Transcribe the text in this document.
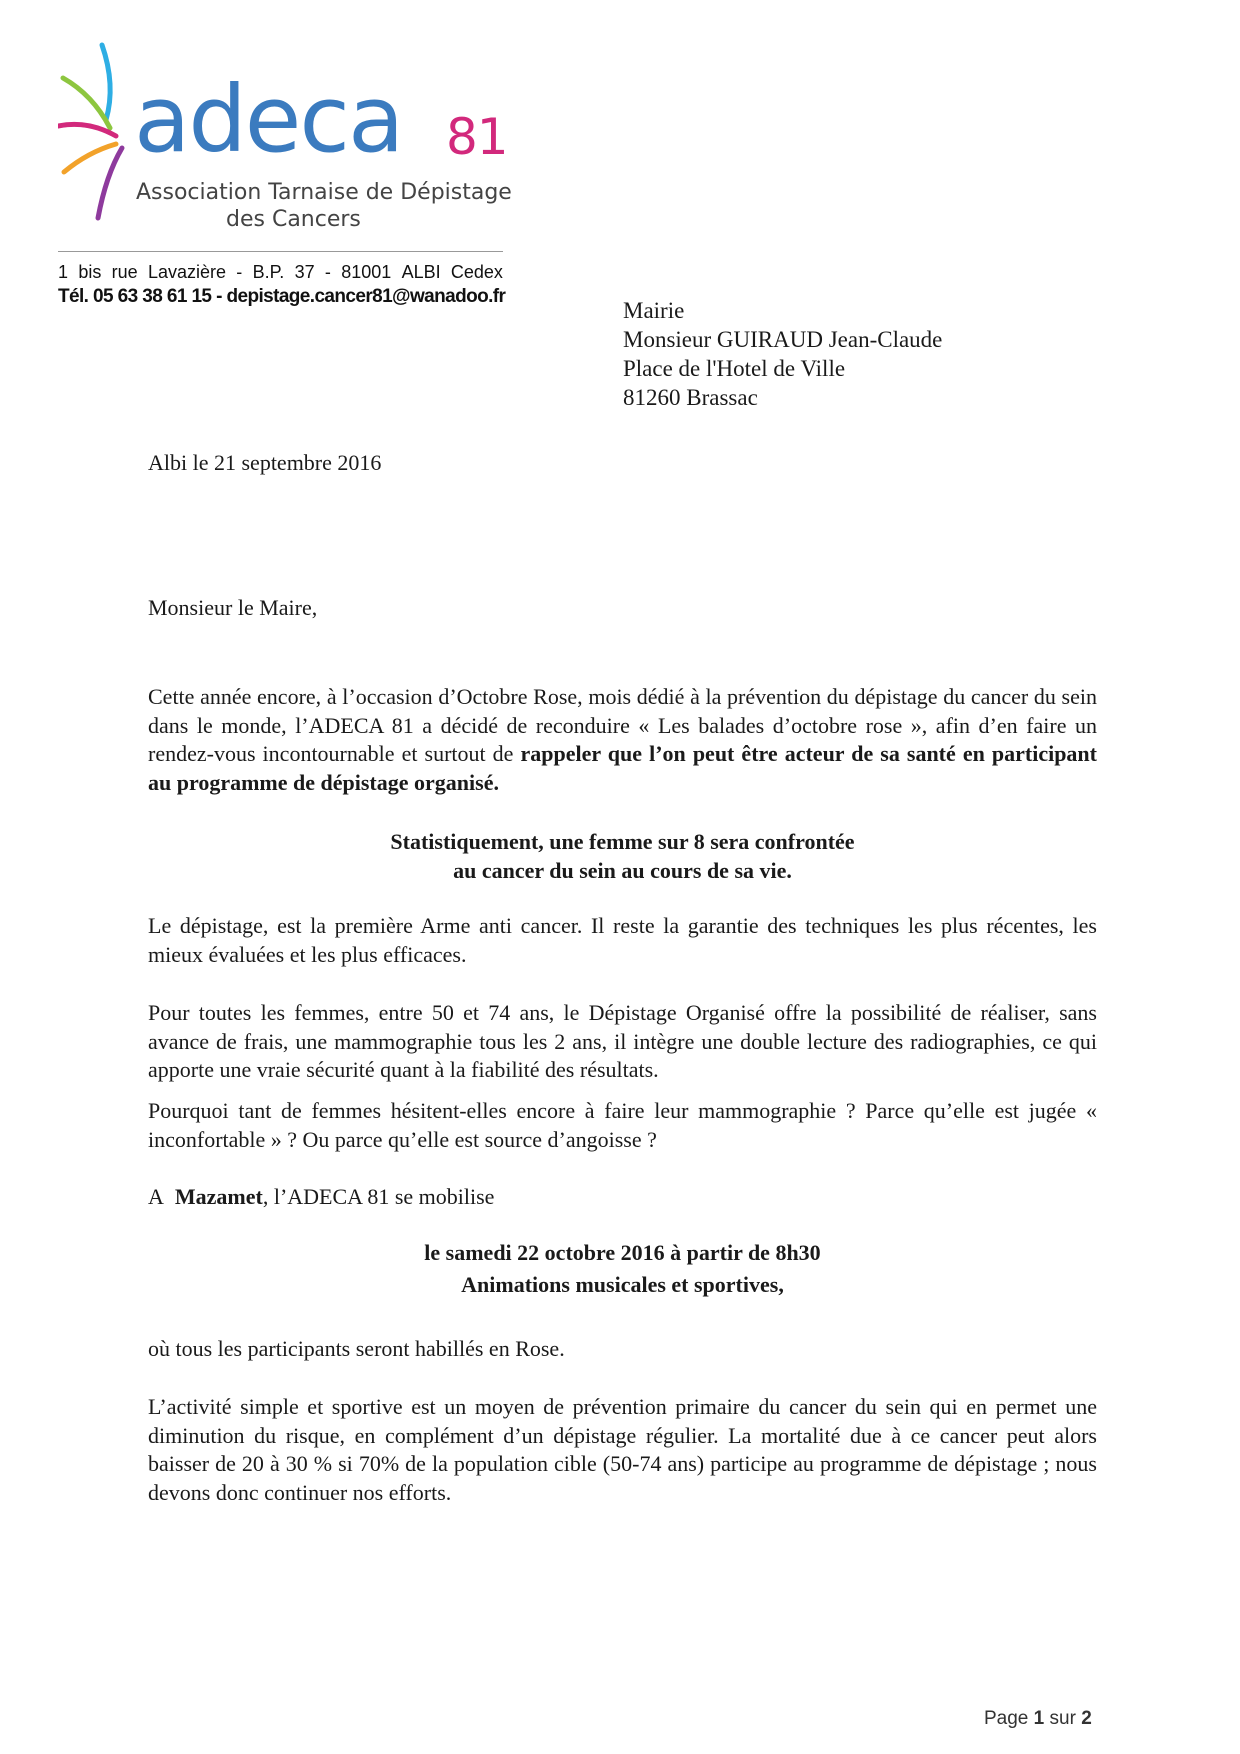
adeca 81
Association Tarnaise de Dépistage
des Cancers
1 bis rue Lavazière - B.P. 37 - 81001 ALBI Cedex
Tél. 05 63 38 61 15 - depistage.cancer81@wanadoo.fr
Mairie
Monsieur GUIRAUD Jean-Claude
Place de l'Hotel de Ville
81260 Brassac
Albi le 21 septembre 2016
Monsieur le Maire,
Cette année encore, à l’occasion d’Octobre Rose, mois dédié à la prévention du dépistage du cancer du sein dans le monde, l’ADECA 81 a décidé de reconduire « Les balades d’octobre rose », afin d’en faire un rendez-vous incontournable et surtout de rappeler que l’on peut être acteur de sa santé en participant au programme de dépistage organisé.
Statistiquement, une femme sur 8 sera confrontée
au cancer du sein au cours de sa vie.
Le dépistage, est la première Arme anti cancer. Il reste la garantie des techniques les plus récentes, les mieux évaluées et les plus efficaces.
Pour toutes les femmes, entre 50 et 74 ans, le Dépistage Organisé offre la possibilité de réaliser, sans avance de frais, une mammographie tous les 2 ans, il intègre une double lecture des radiographies, ce qui apporte une vraie sécurité quant à la fiabilité des résultats.
Pourquoi tant de femmes hésitent-elles encore à faire leur mammographie ? Parce qu’elle est jugée « inconfortable » ? Ou parce qu’elle est source d’angoisse ?
A Mazamet, l’ADECA 81 se mobilise
le samedi 22 octobre 2016 à partir de 8h30
Animations musicales et sportives,
où tous les participants seront habillés en Rose.
L’activité simple et sportive est un moyen de prévention primaire du cancer du sein qui en permet une diminution du risque, en complément d’un dépistage régulier. La mortalité due à ce cancer peut alors baisser de 20 à 30 % si 70% de la population cible (50-74 ans) participe au programme de dépistage ; nous devons donc continuer nos efforts.
Page 1 sur 2
